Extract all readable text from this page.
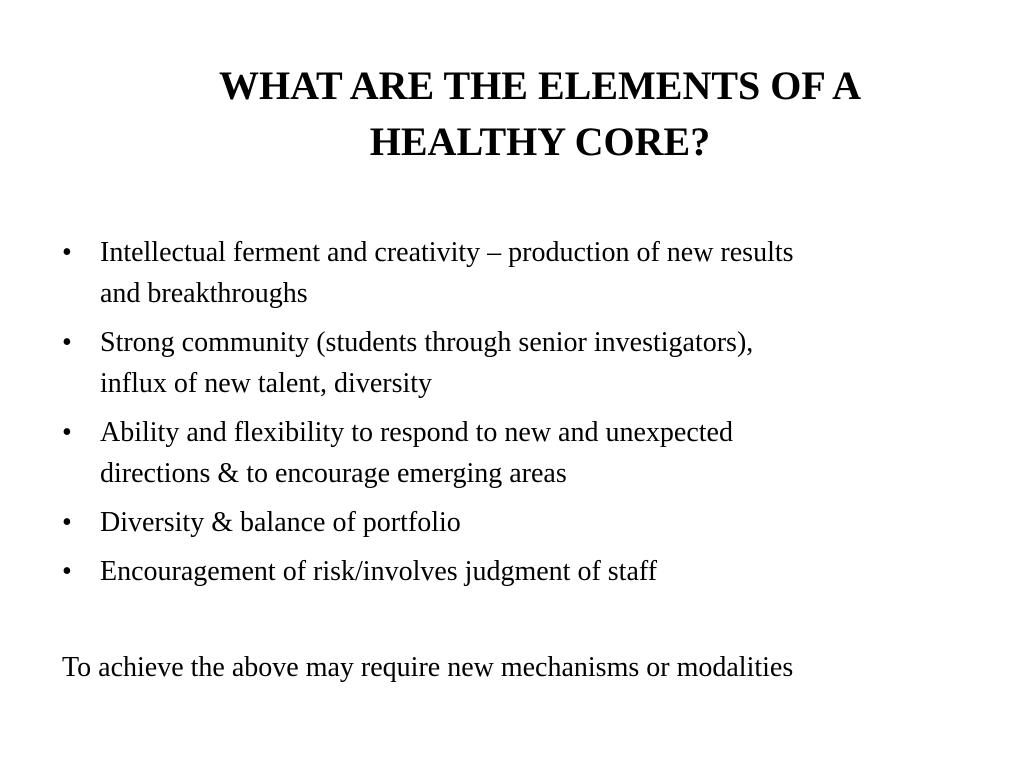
WHAT ARE THE ELEMENTS OF A
HEALTHY CORE?
•	Intellectual ferment and creativity – production of new results
and breakthroughs
•	Strong community (students through senior investigators),
influx of new talent, diversity
•	Ability and flexibility to respond to new and unexpected
directions & to encourage emerging areas
•	Diversity & balance of portfolio
•	Encouragement of risk/involves judgment of staff

To achieve the above may require new mechanisms or modalities
